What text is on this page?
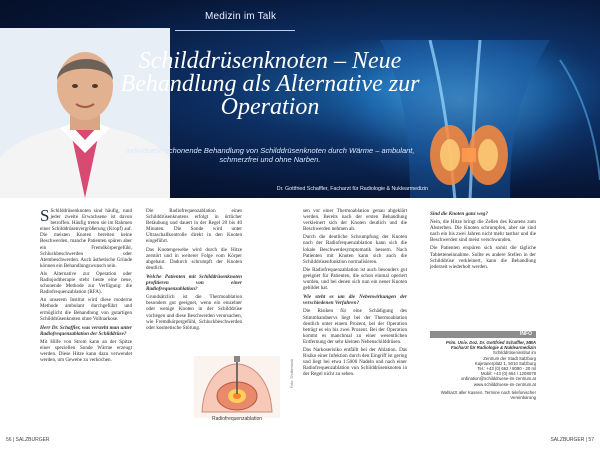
Medizin im Talk
Schilddrüsenknoten – Neue Behandlung als Alternative zur Operation
Individuelle schonende Behandlung von Schilddrüsenknoten durch Wärme – ambulant, schmerzfrei und ohne Narben.
Dr. Gottfried Schaffler, Facharzt für Radiologie & Nuklearmedizin

S Schilddrüsenknoten sind häufig, rund jeder zweite Erwachsene ist davon betroffen. Häufig treten sie im Rahmen einer Schilddrüsenvergrößerung (Kropf) auf. Die meisten Knoten bereiten keine Beschwerden, manche Patienten spüren aber ein Fremdkörpergefühl, Schluckbeschwerden oder Atembeschwerden. Auch ästhetische Gründe können ein Behandlungswunsch sein.

Als Alternative zur Operation oder Radiojodtherapie steht heute eine neue, schonende Methode zur Verfügung: die Radiofrequenzablation (RFA).

An unserem Institut wird diese moderne Methode ambulant durchgeführt und ermöglicht die Behandlung von gutartigen Schilddrüsenknoten ohne Vollnarkose.

Herr Dr. Schaffler, was versteht man unter Radiofrequenzablation der Schilddrüse?

Mit Hilfe von Strom kann an der Spitze einer speziellen Sonde Wärme erzeugt werden. Diese Hitze kann dazu verwendet werden, um Gewebe zu verkochen.

Die Radiofrequenzablation eines Schilddrüsenknotens erfolgt in örtlicher Betäubung und dauert in der Regel 20 bis 40 Minuten. Die Sonde wird unter Ultraschallkontrolle direkt in den Knoten eingeführt.

Das Knotengewebe wird durch die Hitze zerstört und in weiterer Folge vom Körper abgebaut. Dadurch schrumpft der Knoten deutlich.

Welche Patienten mit Schilddrüsenknoten profitieren von einer Radiofrequenzablation?

Grundsätzlich ist die Thermoablation besonders gut geeignet, wenn ein einzelner oder wenige Knoten in der Schilddrüse vorliegen und diese Beschwerden verursachen, wie Fremdkörpergefühl, Schluckbeschwerden oder kosmetische Störung.

Radiofrequenzablation
Foto: Shutterstock

sen vor einer Thermoablation genau abgeklärt werden. Bereits nach der ersten Behandlung verkleinert sich der Knoten deutlich und die Beschwerden nehmen ab.

Durch die deutliche Schrumpfung der Knoten nach der Radiofrequenzablation kann sich die lokale Beschwerdesymptomatik bessern. Nach Patienten mit Knoten kann sich auch die Schilddrüsenfunktion normalisieren.

Die Radiofrequenzablation ist auch besonders gut geeignet für Patienten, die schon einmal operiert wurden, und bei denen sich nun ein neuer Knoten gebildet hat.

Wie steht es um die Nebenwirkungen der verschiedenen Verfahren?

Die Risiken für eine Schädigung des Stimmbandnervs liegt bei der Thermoablation deutlich unter einem Prozent, bei der Operation beträgt es ein bis zwei Prozent. Bei der Operation kommt es manchmal zu einer wesentlichen Entfernung der sehr kleinen Nebenschilddrüsen.

Das Narkoserisiko entfällt bei der Ablation. Das Risiko einer Infektion durch den Eingriff ist gering und liegt bei etwa 1:5000 Nadeln und nach einer Radiofrequenzablation von Schilddrüsenknoten in der Regel nicht zu sehen.

Sind die Knoten ganz weg?

Nein, die Hitze bringt die Zellen des Knotens zum Absterben. Die Knoten schrumpfen, aber sie sind nach ein bis zwei Jahren nicht mehr tastbar und die Beschwerden sind meist verschwunden.

Die Patienten erspüren sich somit die tägliche Tabletteneinnahme. Sollte es andere Stellen in der Schilddrüse verkleinert, kann die Behandlung jederzeit wiederholt werden.

INFO
Prim. Univ. Doz. Dr. Gottfried Schaffler, MBA
Facharzt für Radiologie & Nuklearmedizin
Schilddrüseninstitut im
Zentrum der Stadt Salzburg
Kajetanerplatz 1, 5010 Salzburg
Tel.: +43 (0) 662 / 8080 - 20 ml
Mobil: +43 (0) 664 / 1208079
ordination@schilddruese-im-zentrum.at
www.schilddruese-im-zentrum.at
Wahlarzt aller Kassen, Termine nach telefonischer Vereinbarung
56 | SALZBURGER	SALZBURGER | 57
